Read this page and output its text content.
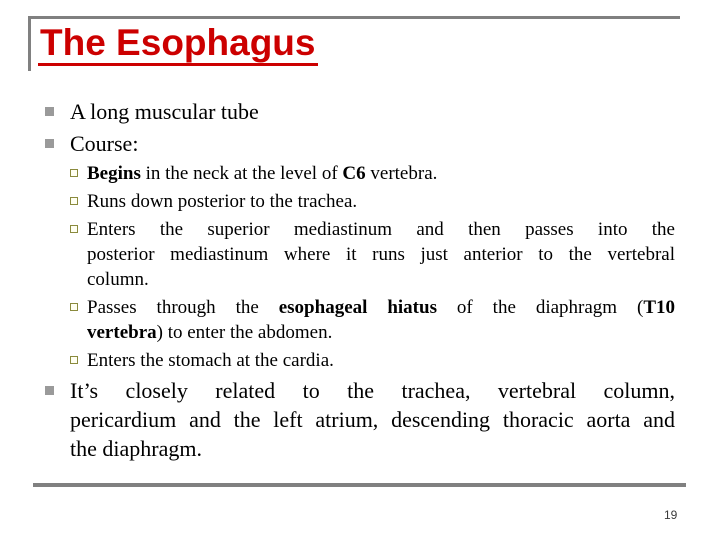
The Esophagus
A long muscular tube
Course:
Begins in the neck at the level of C6 vertebra.
Runs down posterior to the trachea.
Enters the superior mediastinum and then passes into the
posterior mediastinum where it runs just anterior to the vertebral
column.
Passes through the esophageal hiatus of the diaphragm (T10
vertebra) to enter the abdomen.
Enters the stomach at the cardia.
It’s closely related to the trachea, vertebral column,
pericardium and the left atrium, descending thoracic aorta and
the diaphragm.
19
